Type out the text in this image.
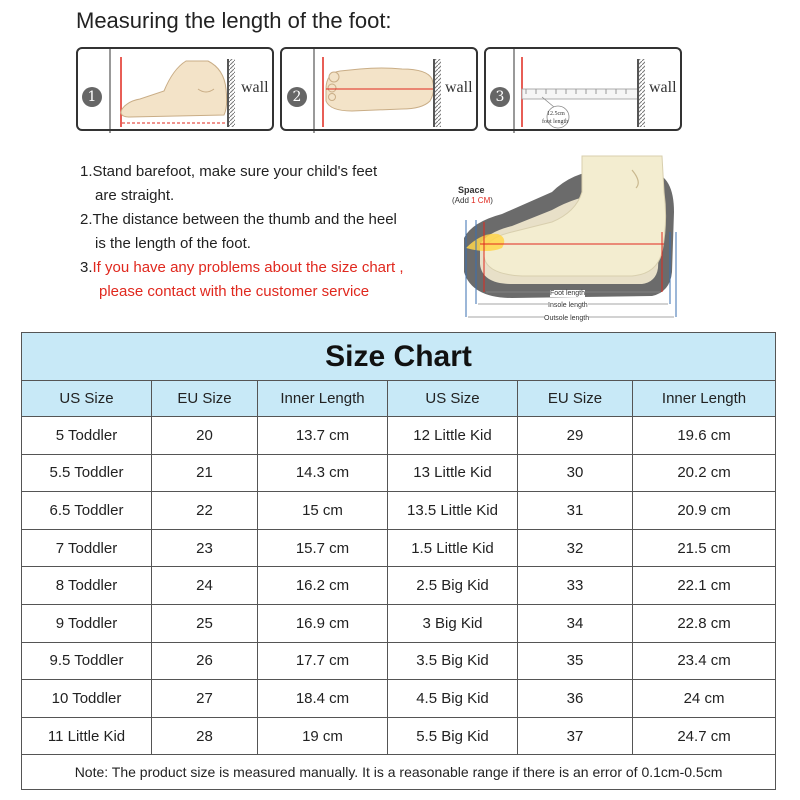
Measuring the length of the foot:
1
wall
2
wall
3
12.5cm
foot length
wall
1.Stand barefoot, make sure your child's feet
are straight.
2.The distance between the thumb and the heel
is the length of the foot.
3.If you have any problems about the size chart ,
please contact with the customer service
Space
(Add 1 CM)
Foot length
Insole length
Outsole length
Size Chart					
US Size	EU Size	Inner Length	US Size	EU Size	Inner Length
5 Toddler	20	13.7 cm	12 Little Kid	29	19.6 cm
5.5 Toddler	21	14.3 cm	13 Little Kid	30	20.2 cm
6.5 Toddler	22	15 cm	13.5 Little Kid	31	20.9 cm
7 Toddler	23	15.7 cm	1.5 Little Kid	32	21.5 cm
8 Toddler	24	16.2 cm	2.5 Big Kid	33	22.1 cm
9 Toddler	25	16.9 cm	3 Big Kid	34	22.8 cm
9.5 Toddler	26	17.7 cm	3.5 Big Kid	35	23.4 cm
10 Toddler	27	18.4 cm	4.5 Big Kid	36	24 cm
11 Little Kid	28	19 cm	5.5 Big Kid	37	24.7 cm
Note: The product size is measured manually. It is a reasonable range if there is an error of 0.1cm-0.5cm					
